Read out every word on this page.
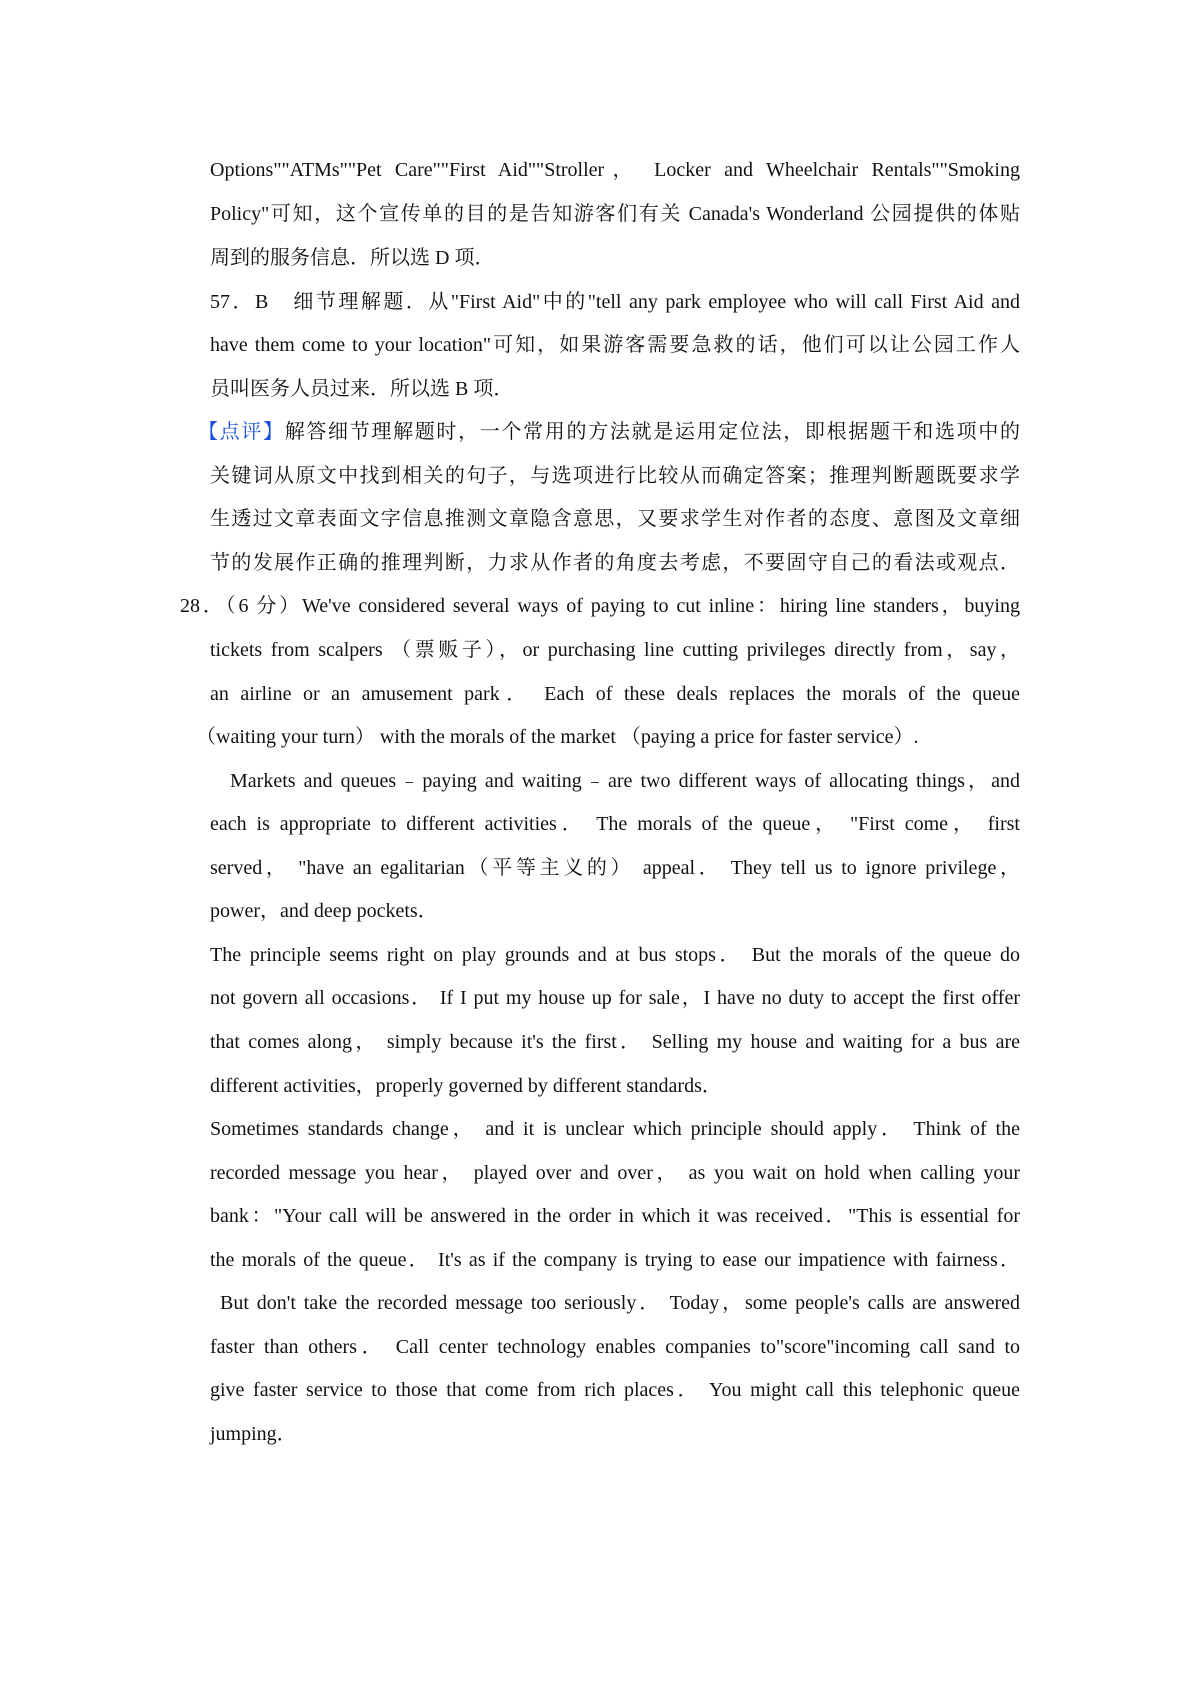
Options""ATMs""Pet Care""First Aid""Stroller， Locker and Wheelchair Rentals""Smoking
Policy"可知，这个宣传单的目的是告知游客们有关 Canada's Wonderland 公园提供的体贴
周到的服务信息．所以选 D 项．
57．B　细节理解题．从"First Aid"中的"tell any park employee who will call First Aid and
have them come to your location"可知，如果游客需要急救的话，他们可以让公园工作人
员叫医务人员过来．所以选 B 项．
【点评】解答细节理解题时，一个常用的方法就是运用定位法，即根据题干和选项中的
关键词从原文中找到相关的句子，与选项进行比较从而确定答案；推理判断题既要求学
生透过文章表面文字信息推测文章隐含意思，又要求学生对作者的态度、意图及文章细
节的发展作正确的推理判断，力求从作者的角度去考虑，不要固守自己的看法或观点．
28．（6 分）We've considered several ways of paying to cut inline：hiring line standers，buying
tickets from scalpers （票贩子），or purchasing line cutting privileges directly from，say，
an airline or an amusement park． Each of these deals replaces the morals of the queue
（waiting your turn） with the morals of the market （paying a price for faster service）.
Markets and queues﹣paying and waiting﹣are two different ways of allocating things，and
each is appropriate to different activities． The morals of the queue， "First come， first
served， "have an egalitarian（平等主义的） appeal． They tell us to ignore privilege，
power，and deep pockets．
The principle seems right on play grounds and at bus stops． But the morals of the queue do
not govern all occasions． If I put my house up for sale，I have no duty to accept the first offer
that comes along， simply because it's the first． Selling my house and waiting for a bus are
different activities，properly governed by different standards．
Sometimes standards change， and it is unclear which principle should apply． Think of the
recorded message you hear， played over and over， as you wait on hold when calling your
bank："Your call will be answered in the order in which it was received．"This is essential for
the morals of the queue． It's as if the company is trying to ease our impatience with fairness．
But don't take the recorded message too seriously． Today，some people's calls are answered
faster than others． Call center technology enables companies to"score"incoming call sand to
give faster service to those that come from rich places． You might call this telephonic queue
jumping．
